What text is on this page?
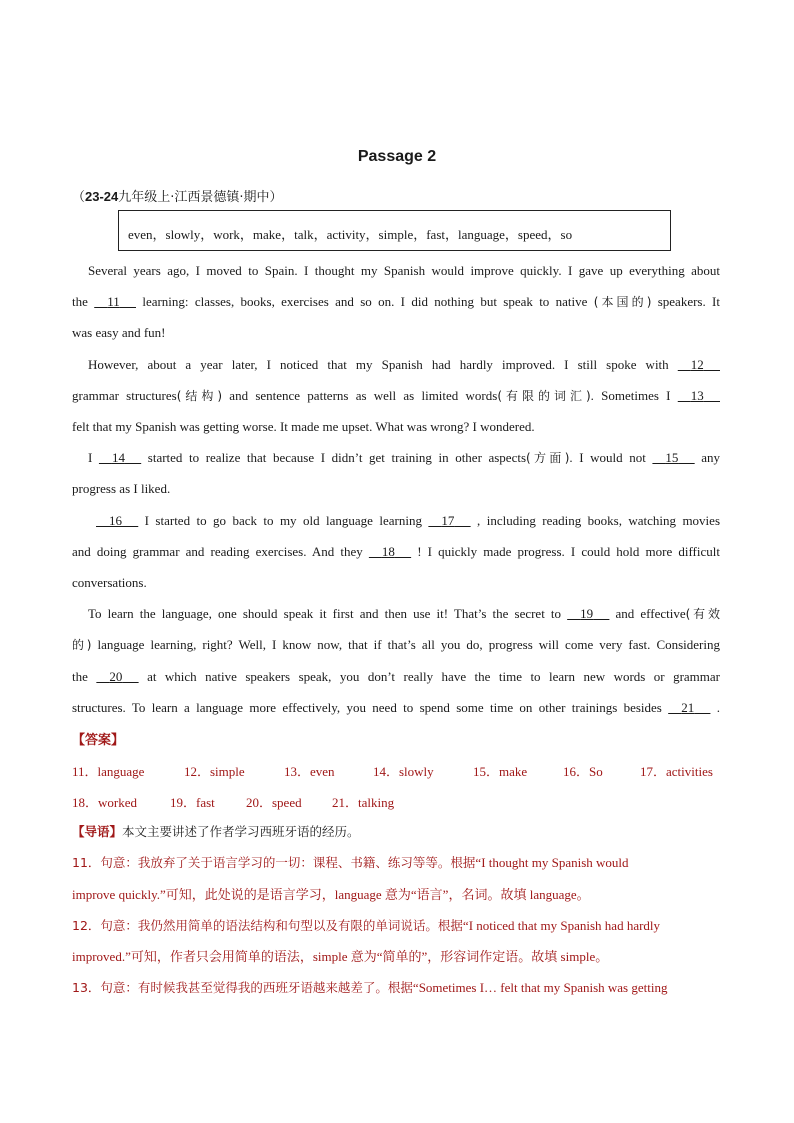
Passage 2
（23-24九年级上·江西景德镇·期中）
even，slowly，work，make，talk，activity，simple，fast，language，speed，so
Several years ago, I moved to Spain. I thought my Spanish would improve quickly. I gave up everything about
the 11 learning: classes, books, exercises and so on. I did nothing but speak to native (本国的) speakers. It
was easy and fun!
However, about a year later, I noticed that my Spanish had hardly improved. I still spoke with 12
grammar structures(结构) and sentence patterns as well as limited words(有限的词汇). Sometimes I 13
felt that my Spanish was getting worse. It made me upset. What was wrong? I wondered.
I 14 started to realize that because I didn’t get training in other aspects(方面). I would not 15 any
progress as I liked.
16 I started to go back to my old language learning 17 , including reading books, watching movies
and doing grammar and reading exercises. And they 18 ! I quickly made progress. I could hold more difficult
conversations.
To learn the language, one should speak it first and then use it! That’s the secret to 19 and effective(有效
的) language learning, right? Well, I know now, that if that’s all you do, progress will come very fast. Considering
the 20 at which native speakers speak, you don’t really have the time to learn new words or grammar
structures. To learn a language more effectively, you need to spend some time on other trainings besides 21 .
【答案】
11．language	12．simple	13．even	14．slowly	15．make	16．So	17．activities
18．worked	19．fast 20．speed 21．talking
【导语】本文主要讲述了作者学习西班牙语的经历。
11．句意：我放弃了关于语言学习的一切：课程、书籍、练习等等。根据“I thought my Spanish would
improve quickly.”可知，此处说的是语言学习，language 意为“语言”，名词。故填 language。
12．句意：我仍然用简单的语法结构和句型以及有限的单词说话。根据“I noticed that my Spanish had hardly
improved.”可知，作者只会用简单的语法，simple 意为“简单的”，形容词作定语。故填 simple。
13．句意：有时候我甚至觉得我的西班牙语越来越差了。根据“Sometimes I… felt that my Spanish was getting
